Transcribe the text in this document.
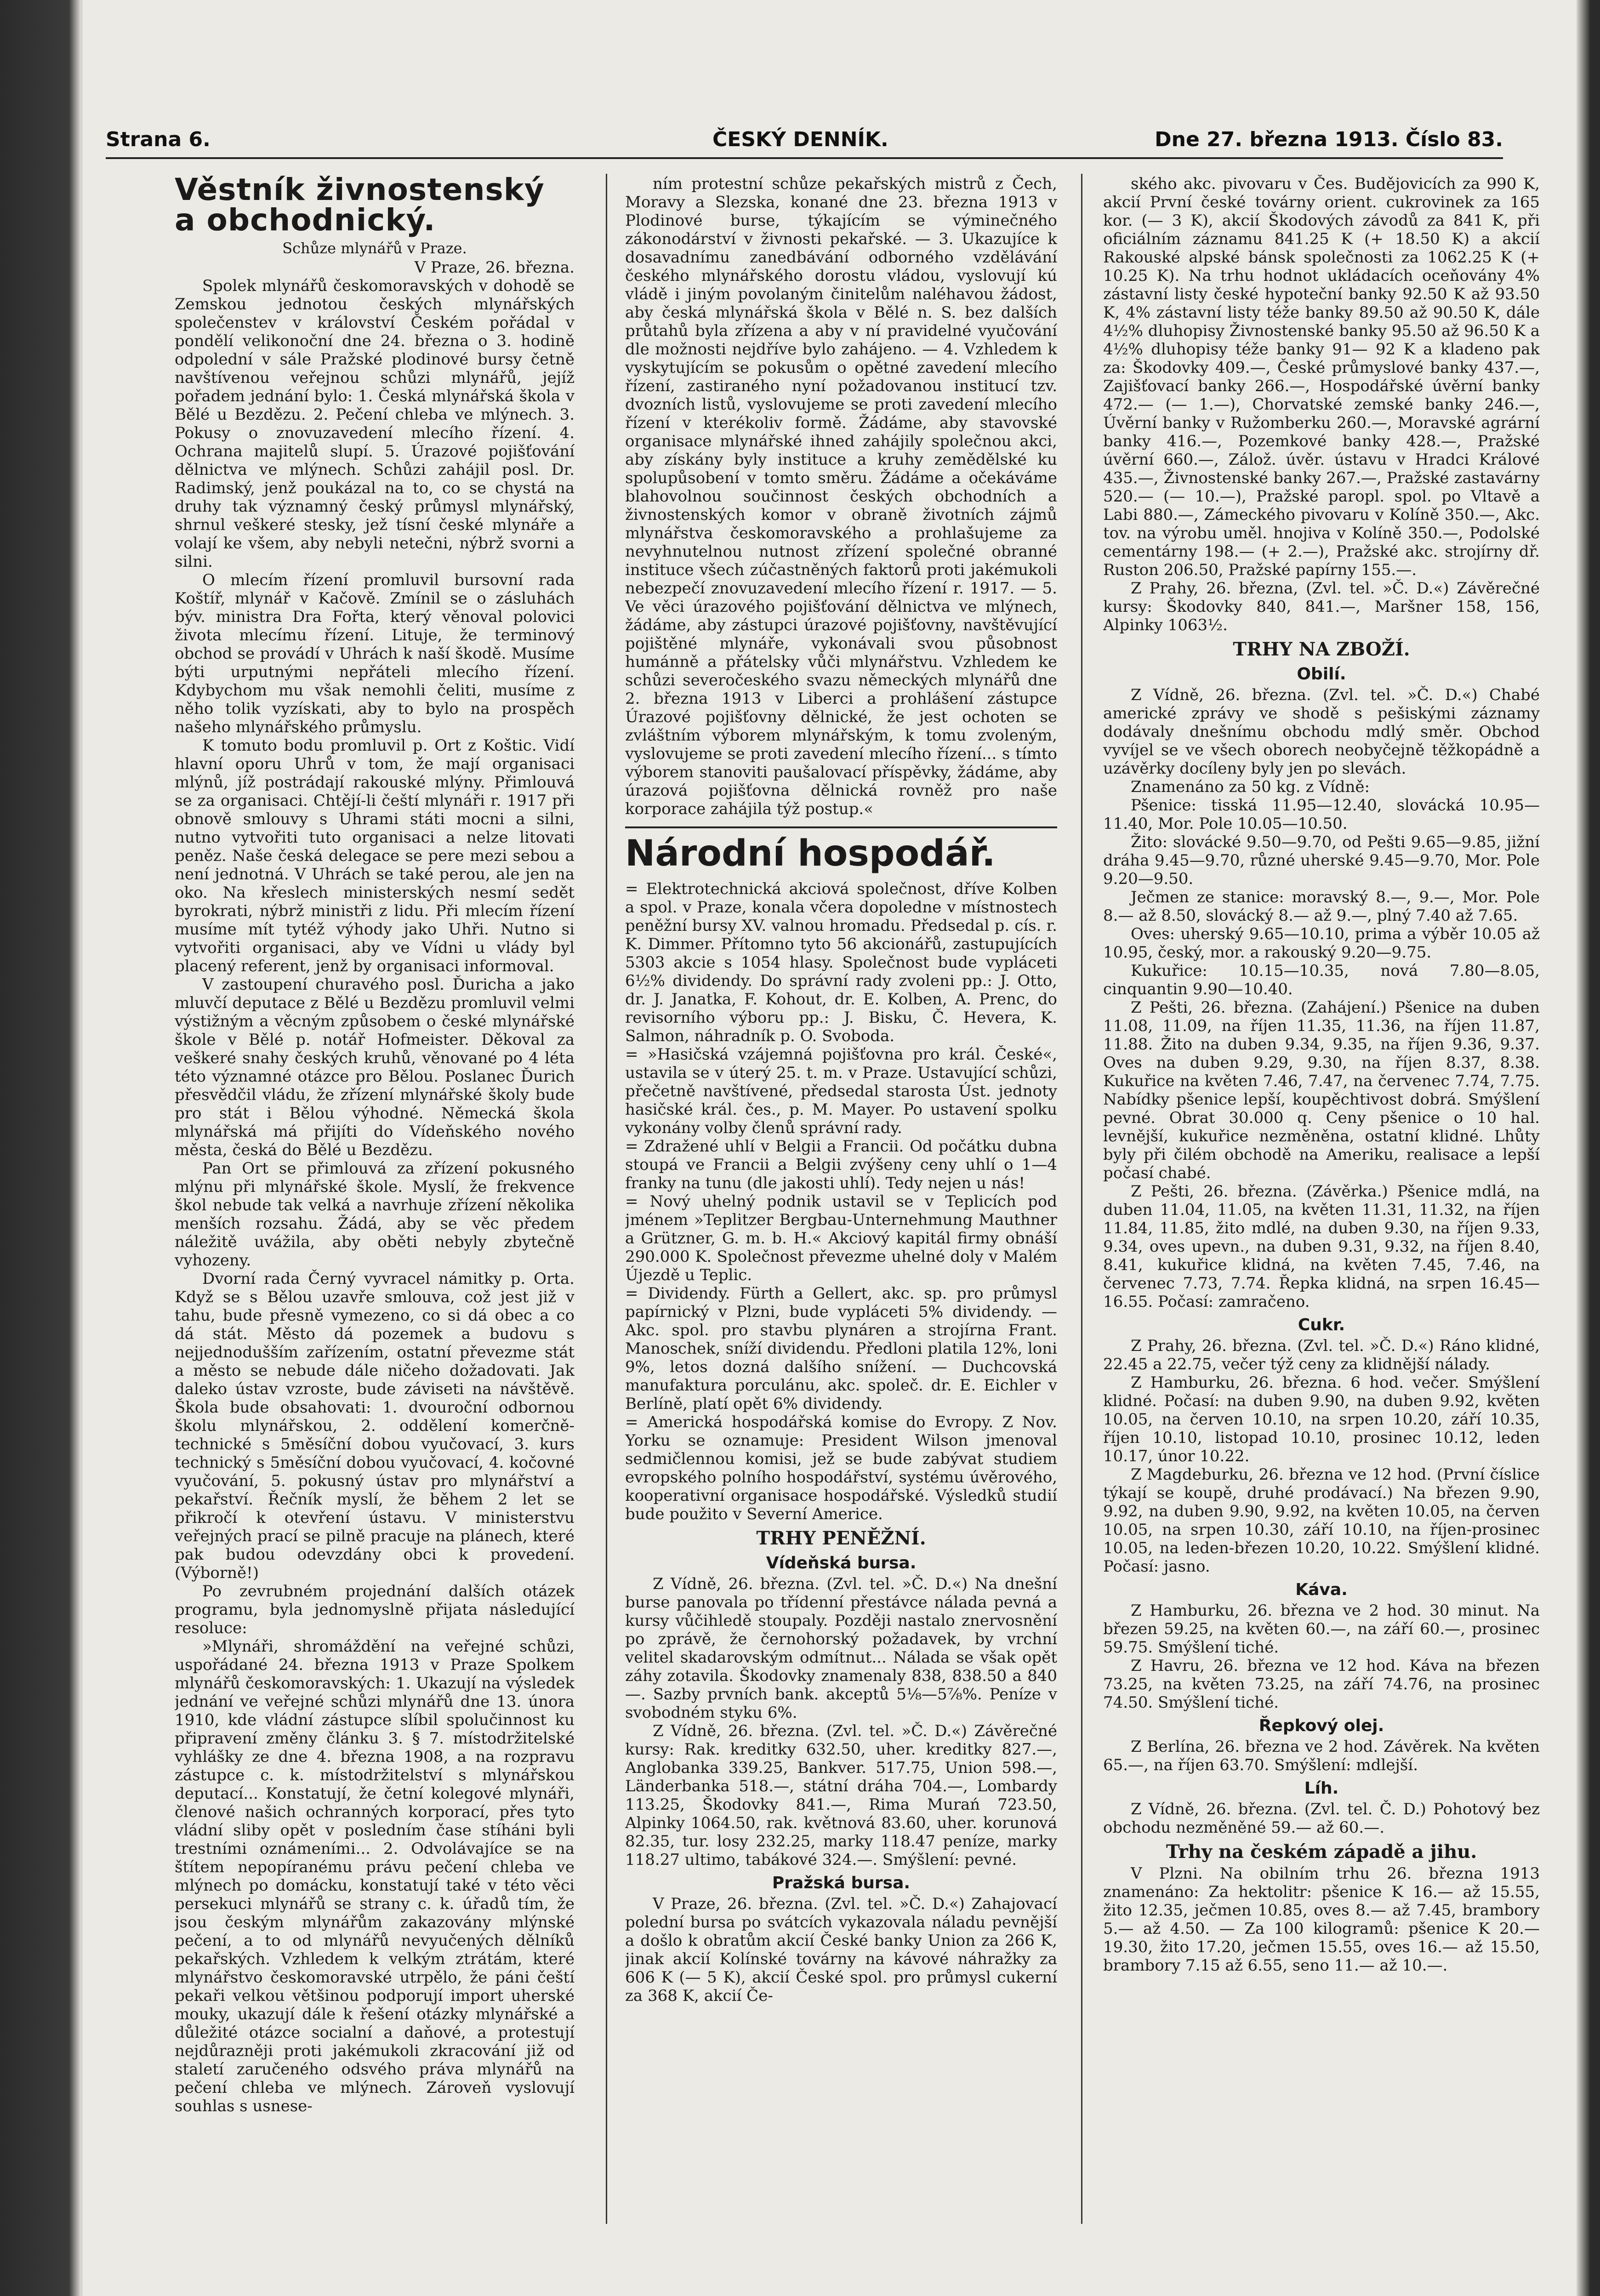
Strana 6.	ČESKÝ DENNÍK.	Dne 27. března 1913. Číslo 83.
Věstník živnostenský a obchodnický.
Schůze mlynářů v Praze.

V Praze, 26. března.

Spolek mlynářů českomoravských v dohodě se Zemskou jednotou českých mlynářských společenstev v království Českém pořádal v pondělí velikonoční dne 24. března o 3. hodině odpolední v sále Pražské plodinové bursy četně navštívenou veřejnou schůzi mlynářů, jejíž pořadem jednání bylo: 1. Česká mlynářská škola v Bělé u Bezdězu. 2. Pečení chleba ve mlýnech. 3. Pokusy o znovuzavedení mlecího řízení. 4. Ochrana majitelů slupí. 5. Úrazové pojišťování dělnictva ve mlýnech. Schůzi zahájil posl. Dr. Radimský, jenž poukázal na to, co se chystá na druhy tak významný český průmysl mlynářský, shrnul veškeré stesky, jež tísní české mlynáře a volají ke všem, aby nebyli netečni, nýbrž svorni a silni.

O mlecím řízení promluvil bursovní rada Koštíř, mlynář v Kačově. Zmínil se o zásluhách býv. ministra Dra Fořta, který věnoval polovici života mlecímu řízení. Lituje, že terminový obchod se provádí v Uhrách k naší škodě. Musíme býti urputnými nepřáteli mlecího řízení. Kdybychom mu však nemohli čeliti, musíme z něho tolik vyzískati, aby to bylo na prospěch našeho mlynářského průmyslu.

K tomuto bodu promluvil p. Ort z Koštic. Vidí hlavní oporu Uhrů v tom, že mají organisaci mlýnů, jíž postrádají rakouské mlýny. Přimlouvá se za organisaci. Chtějí-li čeští mlynáři r. 1917 při obnově smlouvy s Uhrami státi mocni a silni, nutno vytvořiti tuto organisaci a nelze litovati peněz. Naše česká delegace se pere mezi sebou a není jednotná. V Uhrách se také perou, ale jen na oko. Na křeslech ministerských nesmí sedět byrokrati, nýbrž ministři z lidu. Při mlecím řízení musíme mít tytéž výhody jako Uhři. Nutno si vytvořiti organisaci, aby ve Vídni u vlády byl placený referent, jenž by organisaci informoval.

V zastoupení churavého posl. Ďuricha a jako mluvčí deputace z Bělé u Bezdězu promluvil velmi výstižným a věcným způsobem o české mlynářské škole v Bělé p. notář Hofmeister. Děkoval za veškeré snahy českých kruhů, věnované po 4 léta této významné otázce pro Bělou. Poslanec Ďurich přesvědčil vládu, že zřízení mlynářské školy bude pro stát i Bělou výhodné. Německá škola mlynářská má přijíti do Vídeňského nového města, česká do Bělé u Bezdězu.

Pan Ort se přimlouvá za zřízení pokusného mlýnu při mlynářské škole. Myslí, že frekvence škol nebude tak velká a navrhuje zřízení několika menších rozsahu. Žádá, aby se věc předem náležitě uvážila, aby oběti nebyly zbytečně vyhozeny.

Dvorní rada Černý vyvracel námitky p. Orta. Když se s Bělou uzavře smlouva, což jest již v tahu, bude přesně vymezeno, co si dá obec a co dá stát. Město dá pozemek a budovu s nejjednodušším zařízením, ostatní převezme stát a město se nebude dále ničeho dožadovati. Jak daleko ústav vzroste, bude záviseti na návštěvě. Škola bude obsahovati: 1. dvouroční odbornou školu mlynářskou, 2. oddělení komerčně-technické s 5měsíční dobou vyučovací, 3. kurs technický s 5měsíční dobou vyučovací, 4. kočovné vyučování, 5. pokusný ústav pro mlynářství a pekařství. Řečník myslí, že během 2 let se přikročí k otevření ústavu. V ministerstvu veřejných prací se pilně pracuje na plánech, které pak budou odevzdány obci k provedení. (Výborně!)

Po zevrubném projednání dalších otázek programu, byla jednomyslně přijata následující resoluce:

»Mlynáři, shromáždění na veřejné schůzi, uspořádané 24. března 1913 v Praze Spolkem mlynářů českomoravských: 1. Ukazují na výsledek jednání ve veřejné schůzi mlynářů dne 13. února 1910, kde vládní zástupce slíbil spolučinnost ku připravení změny článku 3. § 7. místodržitelské vyhlášky ze dne 4. března 1908, a na rozpravu zástupce c. k. místodržitelství s mlynářskou deputací... Konstatují, že četní kolegové mlynáři, členové našich ochranných korporací, přes tyto vládní sliby opět v posledním čase stíháni byli trestními oznámeními... 2. Odvolávajíce se na štítem nepopíranému právu pečení chleba ve mlýnech po domácku, konstatují také v této věci persekuci mlynářů se strany c. k. úřadů tím, že jsou českým mlynářům zakazovány mlýnské pečení, a to od mlynářů nevyučených dělníků pekařských. Vzhledem k velkým ztrátám, které mlynářstvo českomoravské utrpělo, že páni čeští pekaři velkou většinou podporují import uherské mouky, ukazují dále k řešení otázky mlynářské a důležité otázce socialní a daňové, a protestují nejdůrazněji proti jakémukoli zkracování již od staletí zaručeného odsvého práva mlynářů na pečení chleba ve mlýnech. Zároveň vyslovují souhlas s usnese-

ním protestní schůze pekařských mistrů z Čech, Moravy a Slezska, konané dne 23. března 1913 v Plodinové burse, týkajícím se výminečného zákonodárství v živnosti pekařské. — 3. Ukazujíce k dosavadnímu zanedbávání odborného vzdělávání českého mlynářského dorostu vládou, vyslovují kú vládě i jiným povolaným činitelům naléhavou žádost, aby česká mlynářská škola v Bělé n. S. bez dalších průtahů byla zřízena a aby v ní pravidelné vyučování dle možnosti nejdříve bylo zahájeno. — 4. Vzhledem k vyskytujícím se pokusům o opětné zavedení mlecího řízení, zastiraného nyní požadovanou institucí tzv. dvozních listů, vyslovujeme se proti zavedení mlecího řízení v kterékoliv formě. Žádáme, aby stavovské organisace mlynářské ihned zahájily společnou akci, aby získány byly instituce a kruhy zemědělské ku spolupůsobení v tomto směru. Žádáme a očekáváme blahovolnou součinnost českých obchodních a živnostenských komor v obraně životních zájmů mlynářstva českomoravského a prohlašujeme za nevyhnutelnou nutnost zřízení společné obranné instituce všech zúčastněných faktorů proti jakémukoli nebezpečí znovuzavedení mlecího řízení r. 1917. — 5. Ve věci úrazového pojišťování dělnictva ve mlýnech, žádáme, aby zástupci úrazové pojišťovny, navštěvující pojištěné mlynáře, vykonávali svou působnost humánně a přátelsky vůči mlynářstvu. Vzhledem ke schůzi severočeského svazu německých mlynářů dne 2. března 1913 v Liberci a prohlášení zástupce Úrazové pojišťovny dělnické, že jest ochoten se zvláštním výborem mlynářským, k tomu zvoleným, vyslovujeme se proti zavedení mlecího řízení... s tímto výborem stanoviti paušalovací příspěvky, žádáme, aby úrazová pojišťovna dělnická rovněž pro naše korporace zahájila týž postup.«

Národní hospodář.

= Elektrotechnická akciová společnost, dříve Kolben a spol. v Praze, konala včera dopoledne v místnostech peněžní bursy XV. valnou hromadu. Předsedal p. cís. r. K. Dimmer. Přítomno tyto 56 akcionářů, zastupujících 5303 akcie s 1054 hlasy. Společnost bude vypláceti 6½% dividendy. Do správní rady zvoleni pp.: J. Otto, dr. J. Janatka, F. Kohout, dr. E. Kolben, A. Prenc, do revisorního výboru pp.: J. Bisku, Č. Hevera, K. Salmon, náhradník p. O. Svoboda.

= »Hasičská vzájemná pojišťovna pro král. České«, ustavila se v úterý 25. t. m. v Praze. Ustavující schůzi, přečetně navštívené, předsedal starosta Úst. jednoty hasičské král. čes., p. M. Mayer. Po ustavení spolku vykonány volby členů správní rady.

= Zdražené uhlí v Belgii a Francii. Od počátku dubna stoupá ve Francii a Belgii zvýšeny ceny uhlí o 1—4 franky na tunu (dle jakosti uhlí). Tedy nejen u nás!

= Nový uhelný podnik ustavil se v Teplicích pod jménem »Teplitzer Bergbau-Unternehmung Mauthner a Grützner, G. m. b. H.« Akciový kapitál firmy obnáší 290.000 K. Společnost převezme uhelné doly v Malém Újezdě u Teplic.

= Dividendy. Fürth a Gellert, akc. sp. pro průmysl papírnický v Plzni, bude vypláceti 5% dividendy. — Akc. spol. pro stavbu plynáren a strojírna Frant. Manoschek, sníží dividendu. Předloni platila 12%, loni 9%, letos dozná dalšího snížení. — Duchcovská manufaktura porculánu, akc. společ. dr. E. Eichler v Berlíně, platí opět 6% dividendy.

= Americká hospodářská komise do Evropy. Z Nov. Yorku se oznamuje: President Wilson jmenoval sedmičlennou komisi, jež se bude zabývat studiem evropského polního hospodářství, systému úvěrového, kooperativní organisace hospodářské. Výsledků studií bude použito v Severní Americe.

TRHY PENĚŽNÍ.
Vídeňská bursa.

Z Vídně, 26. března. (Zvl. tel. »Č. D.«) Na dnešní burse panovala po třídenní přestávce nálada pevná a kursy vůčihledě stoupaly. Později nastalo znervosnění po zprávě, že černohorský požadavek, by vrchní velitel skadarovským odmítnut... Nálada se však opět záhy zotavila. Škodovky znamenaly 838, 838.50 a 840—. Sazby prvních bank. akceptů 5⅛—5⅞%. Peníze v svobodném styku 6%.

Z Vídně, 26. března. (Zvl. tel. »Č. D.«) Závěrečné kursy: Rak. kreditky 632.50, uher. kreditky 827.—, Anglobanka 339.25, Bankver. 517.75, Union 598.—, Länderbanka 518.—, státní dráha 704.—, Lombardy 113.25, Škodovky 841.—, Rima Murań 723.50, Alpinky 1064.50, rak. květnová 83.60, uher. korunová 82.35, tur. losy 232.25, marky 118.47 peníze, marky 118.27 ultimo, tabákové 324.—. Smýšlení: pevné.

Pražská bursa.

V Praze, 26. března. (Zvl. tel. »Č. D.«) Zahajovací polední bursa po svátcích vykazovala náladu pevnější a došlo k obratům akcií České banky Union za 266 K, jinak akcií Kolínské továrny na kávové náhražky za 606 K (— 5 K), akcií České spol. pro průmysl cukerní za 368 K, akcií Če-

ského akc. pivovaru v Čes. Budějovicích za 990 K, akcií První české továrny orient. cukrovinek za 165 kor. (— 3 K), akcií Škodových závodů za 841 K, při oficiálním záznamu 841.25 K (+ 18.50 K) a akcií Rakouské alpské bánsk společnosti za 1062.25 K (+ 10.25 K). Na trhu hodnot ukládacích oceňovány 4% zástavní listy české hypoteční banky 92.50 K až 93.50 K, 4% zástavní listy téže banky 89.50 až 90.50 K, dále 4½% dluhopisy Živnostenské banky 95.50 až 96.50 K a 4½% dluhopisy téže banky 91— 92 K a kladeno pak za: Škodovky 409.—, České průmyslové banky 437.—, Zajišťovací banky 266.—, Hospodářské úvěrní banky 472.— (— 1.—), Chorvatské zemské banky 246.—, Úvěrní banky v Ružomberku 260.—, Moravské agrární banky 416.—, Pozemkové banky 428.—, Pražské úvěrní 660.—, Zálož. úvěr. ústavu v Hradci Králové 435.—, Živnostenské banky 267.—, Pražské zastavárny 520.— (— 10.—), Pražské paropl. spol. po Vltavě a Labi 880.—, Zámeckého pivovaru v Kolíně 350.—, Akc. tov. na výrobu uměl. hnojiva v Kolíně 350.—, Podolské cementárny 198.— (+ 2.—), Pražské akc. strojírny dř. Ruston 206.50, Pražské papírny 155.—.

Z Prahy, 26. března, (Zvl. tel. »Č. D.«) Závěrečné kursy: Škodovky 840, 841.—, Maršner 158, 156, Alpinky 1063½.

TRHY NA ZBOŽÍ.
Obilí.

Z Vídně, 26. března. (Zvl. tel. »Č. D.«) Chabé americké zprávy ve shodě s pešiskými záznamy dodávaly dnešnímu obchodu mdlý směr. Obchod vyvíjel se ve všech oborech neobyčejně těžkopádně a uzávěrky docíleny byly jen po slevách.

Znamenáno za 50 kg. z Vídně:

Pšenice: tisská 11.95—12.40, slovácká 10.95—11.40, Mor. Pole 10.05—10.50.

Žito: slovácké 9.50—9.70, od Pešti 9.65—9.85, jižní dráha 9.45—9.70, různé uherské 9.45—9.70, Mor. Pole 9.20—9.50.

Ječmen ze stanice: moravský 8.—, 9.—, Mor. Pole 8.— až 8.50, slovácký 8.— až 9.—, plný 7.40 až 7.65.

Oves: uherský 9.65—10.10, prima a výběr 10.05 až 10.95, český, mor. a rakouský 9.20—9.75.

Kukuřice: 10.15—10.35, nová 7.80—8.05, cinquantin 9.90—10.40.

Z Pešti, 26. března. (Zahájení.) Pšenice na duben 11.08, 11.09, na říjen 11.35, 11.36, na říjen 11.87, 11.88. Žito na duben 9.34, 9.35, na říjen 9.36, 9.37. Oves na duben 9.29, 9.30, na říjen 8.37, 8.38. Kukuřice na květen 7.46, 7.47, na červenec 7.74, 7.75. Nabídky pšenice lepší, koupěchtivost dobrá. Smýšlení pevné. Obrat 30.000 q. Ceny pšenice o 10 hal. levnější, kukuřice nezměněna, ostatní klidné. Lhůty byly při čilém obchodě na Ameriku, realisace a lepší počasí chabé.

Z Pešti, 26. března. (Závěrka.) Pšenice mdlá, na duben 11.04, 11.05, na květen 11.31, 11.32, na říjen 11.84, 11.85, žito mdlé, na duben 9.30, na říjen 9.33, 9.34, oves upevn., na duben 9.31, 9.32, na říjen 8.40, 8.41, kukuřice klidná, na květen 7.45, 7.46, na červenec 7.73, 7.74. Řepka klidná, na srpen 16.45—16.55. Počasí: zamračeno.

Cukr.

Z Prahy, 26. března. (Zvl. tel. »Č. D.«) Ráno klidné, 22.45 a 22.75, večer týž ceny za klidnější nálady.

Z Hamburku, 26. března. 6 hod. večer. Smýšlení klidné. Počasí: na duben 9.90, na duben 9.92, květen 10.05, na červen 10.10, na srpen 10.20, září 10.35, říjen 10.10, listopad 10.10, prosinec 10.12, leden 10.17, únor 10.22.

Z Magdeburku, 26. března ve 12 hod. (První číslice týkají se koupě, druhé prodávací.) Na březen 9.90, 9.92, na duben 9.90, 9.92, na květen 10.05, na červen 10.05, na srpen 10.30, září 10.10, na říjen-prosinec 10.05, na leden-březen 10.20, 10.22. Smýšlení klidné. Počasí: jasno.

Káva.

Z Hamburku, 26. března ve 2 hod. 30 minut. Na březen 59.25, na květen 60.—, na září 60.—, prosinec 59.75. Smýšlení tiché.

Z Havru, 26. března ve 12 hod. Káva na březen 73.25, na květen 73.25, na září 74.76, na prosinec 74.50. Smýšlení tiché.

Řepkový olej.

Z Berlína, 26. března ve 2 hod. Závěrek. Na květen 65.—, na říjen 63.70. Smýšlení: mdlejší.

Líh.

Z Vídně, 26. března. (Zvl. tel. Č. D.) Pohotový bez obchodu nezměněné 59.— až 60.—.

Trhy na českém západě a jihu.

V Plzni. Na obilním trhu 26. března 1913 znamenáno: Za hektolitr: pšenice K 16.— až 15.55, žito 12.35, ječmen 10.85, oves 8.— až 7.45, brambory 5.— až 4.50. — Za 100 kilogramů: pšenice K 20.—19.30, žito 17.20, ječmen 15.55, oves 16.— až 15.50, brambory 7.15 až 6.55, seno 11.— až 10.—.
